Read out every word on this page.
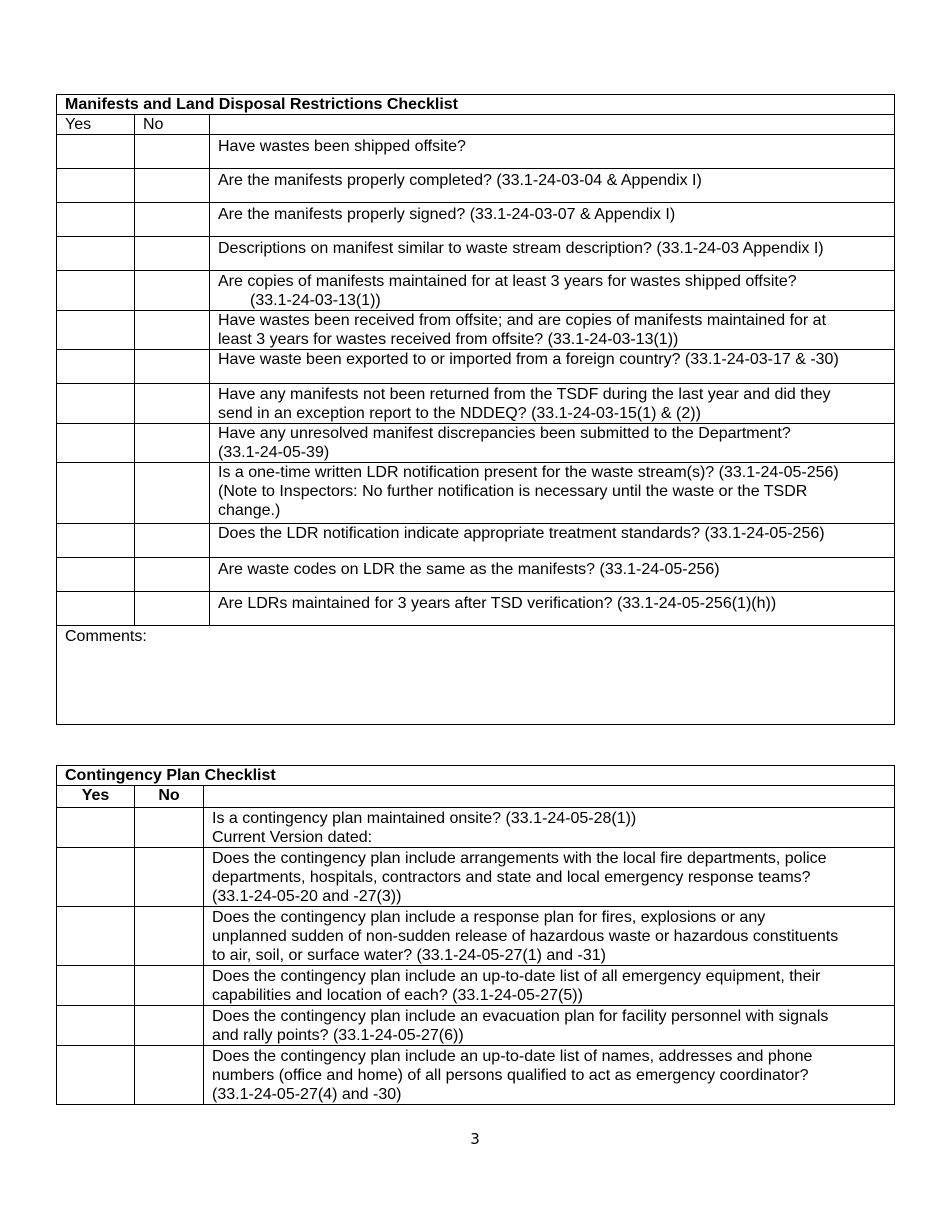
Manifests and Land Disposal Restrictions Checklist		
Yes	No	

		Have wastes been shipped offsite?

		Are the manifests properly completed? (33.1-24-03-04 & Appendix I)

		Are the manifests properly signed? (33.1-24-03-07 & Appendix I)

		Descriptions on manifest similar to waste stream description? (33.1-24-03 Appendix I)

		Are copies of manifests maintained for at least 3 years for wastes shipped offsite?
(33.1-24-03-13(1))

		Have wastes been received from offsite; and are copies of manifests maintained for at
least 3 years for wastes received from offsite? (33.1-24-03-13(1))

		Have waste been exported to or imported from a foreign country? (33.1-24-03-17 & -30)

		Have any manifests not been returned from the TSDF during the last year and did they
send in an exception report to the NDDEQ? (33.1-24-03-15(1) & (2))

		Have any unresolved manifest discrepancies been submitted to the Department?
(33.1-24-05-39)

		Is a one-time written LDR notification present for the waste stream(s)? (33.1-24-05-256)
(Note to Inspectors: No further notification is necessary until the waste or the TSDR
change.)

		Does the LDR notification indicate appropriate treatment standards? (33.1-24-05-256)

		Are waste codes on LDR the same as the manifests? (33.1-24-05-256)

		Are LDRs maintained for 3 years after TSD verification? (33.1-24-05-256(1)(h))

Comments:		
Contingency Plan Checklist		
Yes	No	

		Is a contingency plan maintained onsite? (33.1-24-05-28(1))
Current Version dated:

		Does the contingency plan include arrangements with the local fire departments, police
departments, hospitals, contractors and state and local emergency response teams?
(33.1-24-05-20 and -27(3))

		Does the contingency plan include a response plan for fires, explosions or any
unplanned sudden of non-sudden release of hazardous waste or hazardous constituents
to air, soil, or surface water? (33.1-24-05-27(1) and -31)

		Does the contingency plan include an up-to-date list of all emergency equipment, their
capabilities and location of each? (33.1-24-05-27(5))

		Does the contingency plan include an evacuation plan for facility personnel with signals
and rally points? (33.1-24-05-27(6))

		Does the contingency plan include an up-to-date list of names, addresses and phone
numbers (office and home) of all persons qualified to act as emergency coordinator?
(33.1-24-05-27(4) and -30)
3
